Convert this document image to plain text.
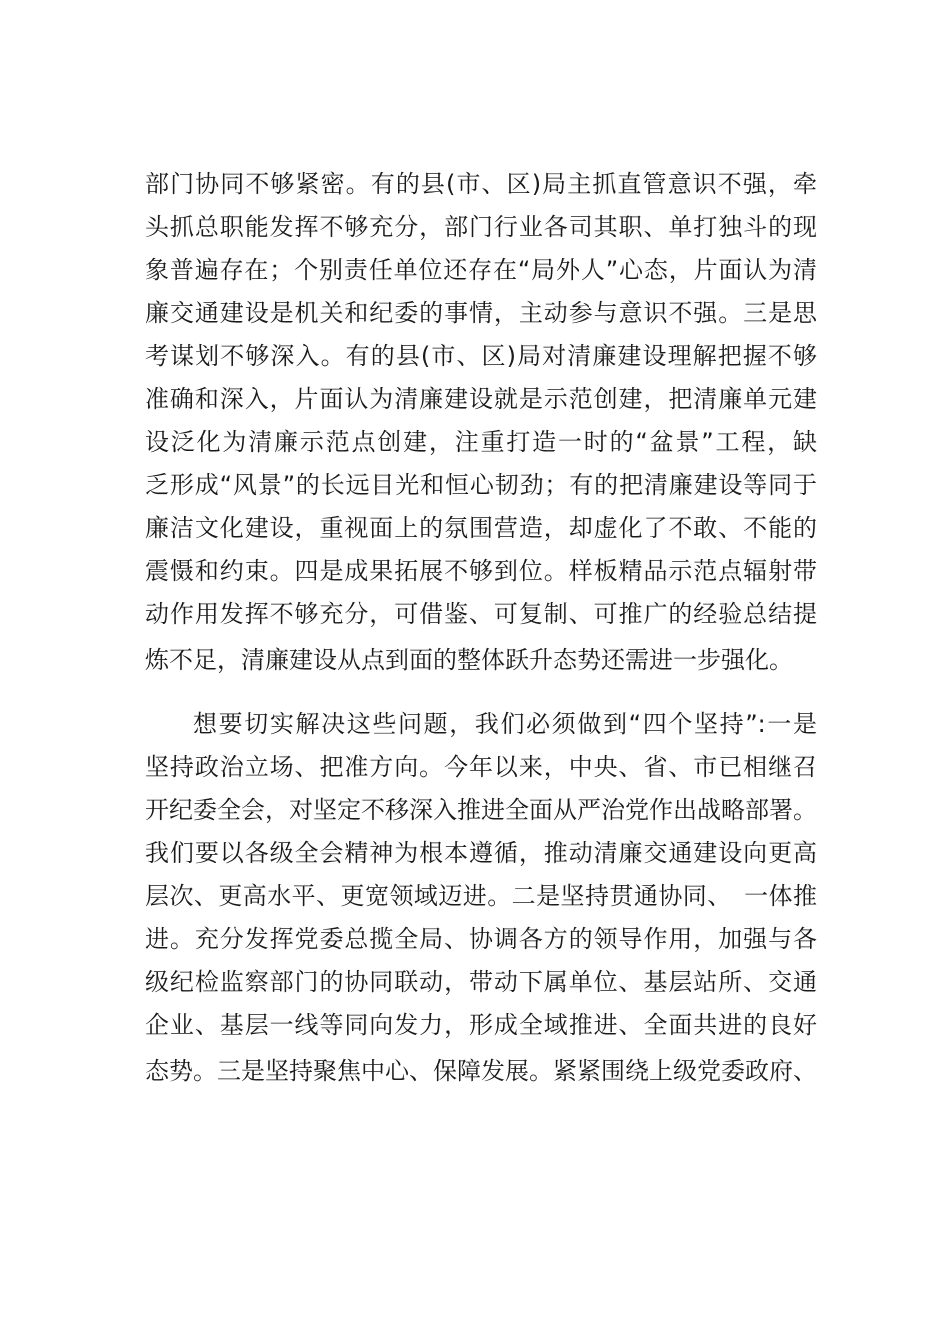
部门协同不够紧密。有的县(市、区)局主抓直管意识不强，牵
头抓总职能发挥不够充分，部门行业各司其职、单打独斗的现
象普遍存在；个别责任单位还存在“局外人”心态，片面认为清
廉交通建设是机关和纪委的事情，主动参与意识不强。三是思
考谋划不够深入。有的县(市、区)局对清廉建设理解把握不够
准确和深入，片面认为清廉建设就是示范创建，把清廉单元建
设泛化为清廉示范点创建，注重打造一时的“盆景”工程，缺
乏形成“风景”的长远目光和恒心韧劲；有的把清廉建设等同于
廉洁文化建设，重视面上的氛围营造，却虚化了不敢、不能的
震慑和约束。四是成果拓展不够到位。样板精品示范点辐射带
动作用发挥不够充分，可借鉴、可复制、可推广的经验总结提
炼不足，清廉建设从点到面的整体跃升态势还需进一步强化。
想要切实解决这些问题，我们必须做到“四个坚持”:一是
坚持政治立场、把准方向。今年以来，中央、省、市已相继召
开纪委全会，对坚定不移深入推进全面从严治党作出战略部署。
我们要以各级全会精神为根本遵循，推动清廉交通建设向更高
层次、更高水平、更宽领域迈进。二是坚持贯通协同、　一体推
进。充分发挥党委总揽全局、协调各方的领导作用，加强与各
级纪检监察部门的协同联动，带动下属单位、基层站所、交通
企业、基层一线等同向发力，形成全域推进、全面共进的良好
态势。三是坚持聚焦中心、保障发展。紧紧围绕上级党委政府、
